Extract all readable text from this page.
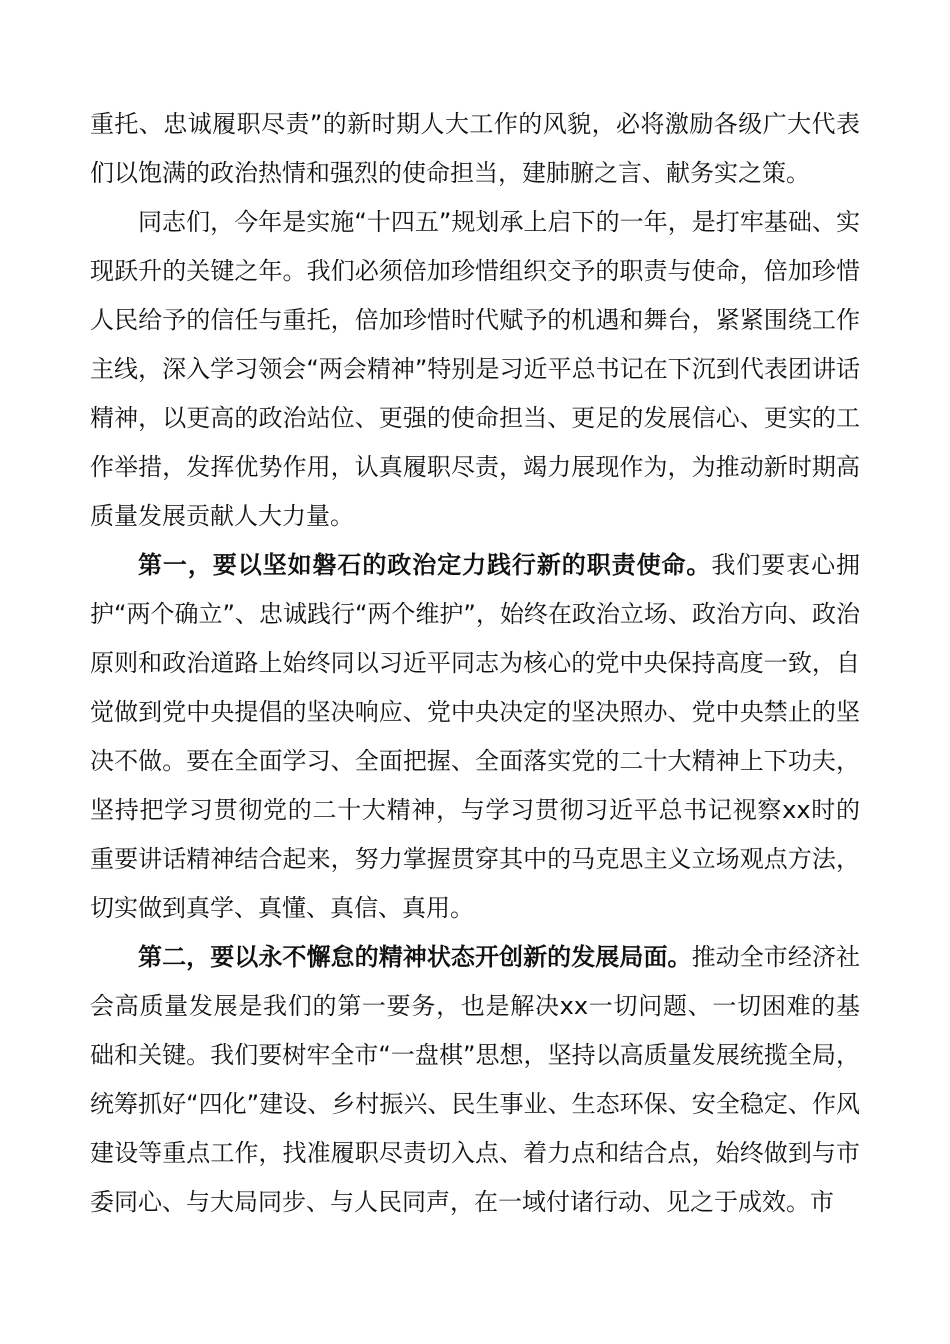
重托、忠诚履职尽责”的新时期人大工作的风貌，必将激励各级广大代表们以饱满的政治热情和强烈的使命担当，建肺腑之言、献务实之策。

同志们，今年是实施“十四五”规划承上启下的一年，是打牢基础、实现跃升的关键之年。我们必须倍加珍惜组织交予的职责与使命，倍加珍惜人民给予的信任与重托，倍加珍惜时代赋予的机遇和舞台，紧紧围绕工作主线，深入学习领会“两会精神”特别是习近平总书记在下沉到代表团讲话精神，以更高的政治站位、更强的使命担当、更足的发展信心、更实的工作举措，发挥优势作用，认真履职尽责，竭力展现作为，为推动新时期高质量发展贡献人大力量。

第一，要以坚如磐石的政治定力践行新的职责使命。我们要衷心拥护“两个确立”、忠诚践行“两个维护”，始终在政治立场、政治方向、政治原则和政治道路上始终同以习近平同志为核心的党中央保持高度一致，自觉做到党中央提倡的坚决响应、党中央决定的坚决照办、党中央禁止的坚决不做。要在全面学习、全面把握、全面落实党的二十大精神上下功夫，坚持把学习贯彻党的二十大精神，与学习贯彻习近平总书记视察xx时的重要讲话精神结合起来，努力掌握贯穿其中的马克思主义立场观点方法，切实做到真学、真懂、真信、真用。

第二，要以永不懈怠的精神状态开创新的发展局面。推动全市经济社会高质量发展是我们的第一要务，也是解决xx一切问题、一切困难的基础和关键。我们要树牢全市“一盘棋”思想，坚持以高质量发展统揽全局，统筹抓好“四化”建设、乡村振兴、民生事业、生态环保、安全稳定、作风建设等重点工作，找准履职尽责切入点、着力点和结合点，始终做到与市委同心、与大局同步、与人民同声，在一域付诸行动、见之于成效。市
